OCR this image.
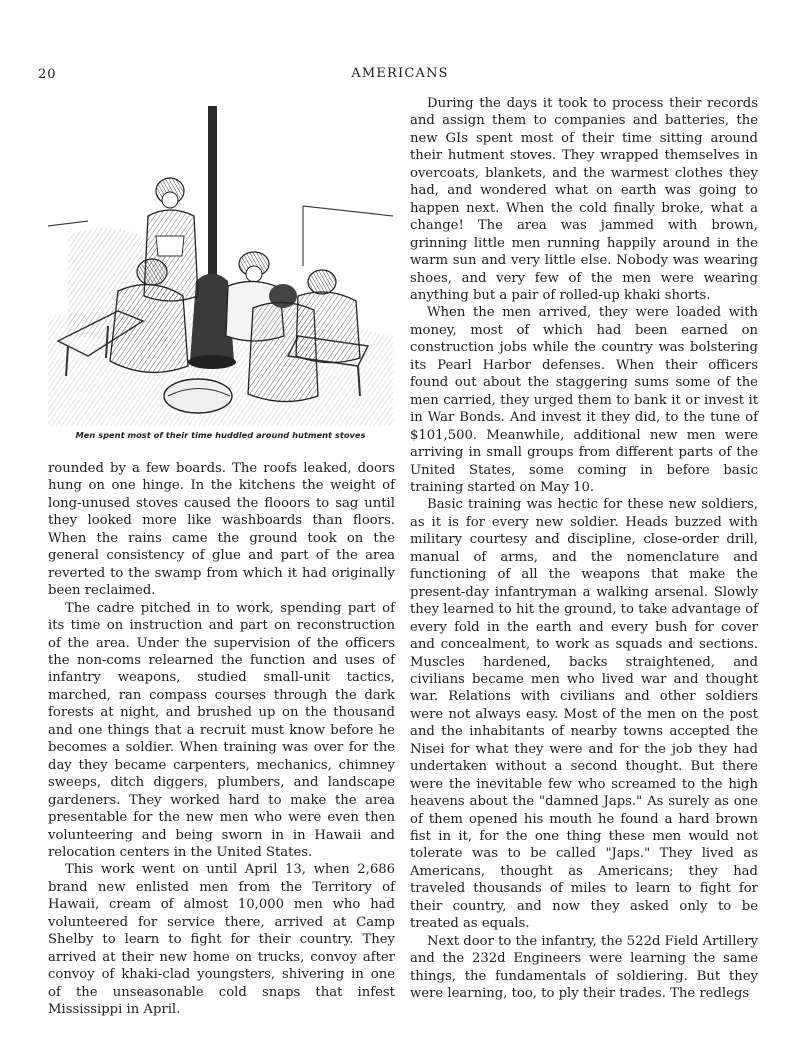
20	AMERICANS
Men spent most of their time huddled around hutment stoves

rounded by a few boards. The roofs leaked, doors hung on one hinge. In the kitchens the weight of long-unused stoves caused the flooors to sag until they looked more like washboards than floors. When the rains came the ground took on the general consistency of glue and part of the area reverted to the swamp from which it had originally been reclaimed.

The cadre pitched in to work, spending part of its time on instruction and part on reconstruction of the area. Under the supervision of the officers the non-coms relearned the function and uses of infantry weapons, studied small-unit tactics, marched, ran compass courses through the dark forests at night, and brushed up on the thousand and one things that a recruit must know before he becomes a soldier. When training was over for the day they became carpenters, mechanics, chimney sweeps, ditch diggers, plumbers, and landscape gardeners. They worked hard to make the area presentable for the new men who were even then volunteering and being sworn in in Hawaii and relocation centers in the United States.

This work went on until April 13, when 2,686 brand new enlisted men from the Territory of Hawaii, cream of almost 10,000 men who had volunteered for service there, arrived at Camp Shelby to learn to fight for their country. They arrived at their new home on trucks, convoy after convoy of khaki-clad youngsters, shivering in one of the unseasonable cold snaps that infest Mississippi in April.

During the days it took to process their records and assign them to companies and batteries, the new GIs spent most of their time sitting around their hutment stoves. They wrapped themselves in overcoats, blankets, and the warmest clothes they had, and wondered what on earth was going to happen next. When the cold finally broke, what a change! The area was jammed with brown, grinning little men running happily around in the warm sun and very little else. Nobody was wearing shoes, and very few of the men were wearing anything but a pair of rolled-up khaki shorts.

When the men arrived, they were loaded with money, most of which had been earned on construction jobs while the country was bolstering its Pearl Harbor defenses. When their officers found out about the staggering sums some of the men carried, they urged them to bank it or invest it in War Bonds. And invest it they did, to the tune of $101,500. Meanwhile, additional new men were arriving in small groups from different parts of the United States, some coming in before basic training started on May 10.

Basic training was hectic for these new soldiers, as it is for every new soldier. Heads buzzed with military courtesy and discipline, close-order drill, manual of arms, and the nomenclature and functioning of all the weapons that make the present-day infantryman a walking arsenal. Slowly they learned to hit the ground, to take advantage of every fold in the earth and every bush for cover and concealment, to work as squads and sections. Muscles hardened, backs straightened, and civilians became men who lived war and thought war. Relations with civilians and other soldiers were not always easy. Most of the men on the post and the inhabitants of nearby towns accepted the Nisei for what they were and for the job they had undertaken without a second thought. But there were the inevitable few who screamed to the high heavens about the "damned Japs." As surely as one of them opened his mouth he found a hard brown fist in it, for the one thing these men would not tolerate was to be called "Japs." They lived as Americans, thought as Americans; they had traveled thousands of miles to learn to fight for their country, and now they asked only to be treated as equals.

Next door to the infantry, the 522d Field Artillery and the 232d Engineers were learning the same things, the fundamentals of soldiering. But they were learning, too, to ply their trades. The redlegs
